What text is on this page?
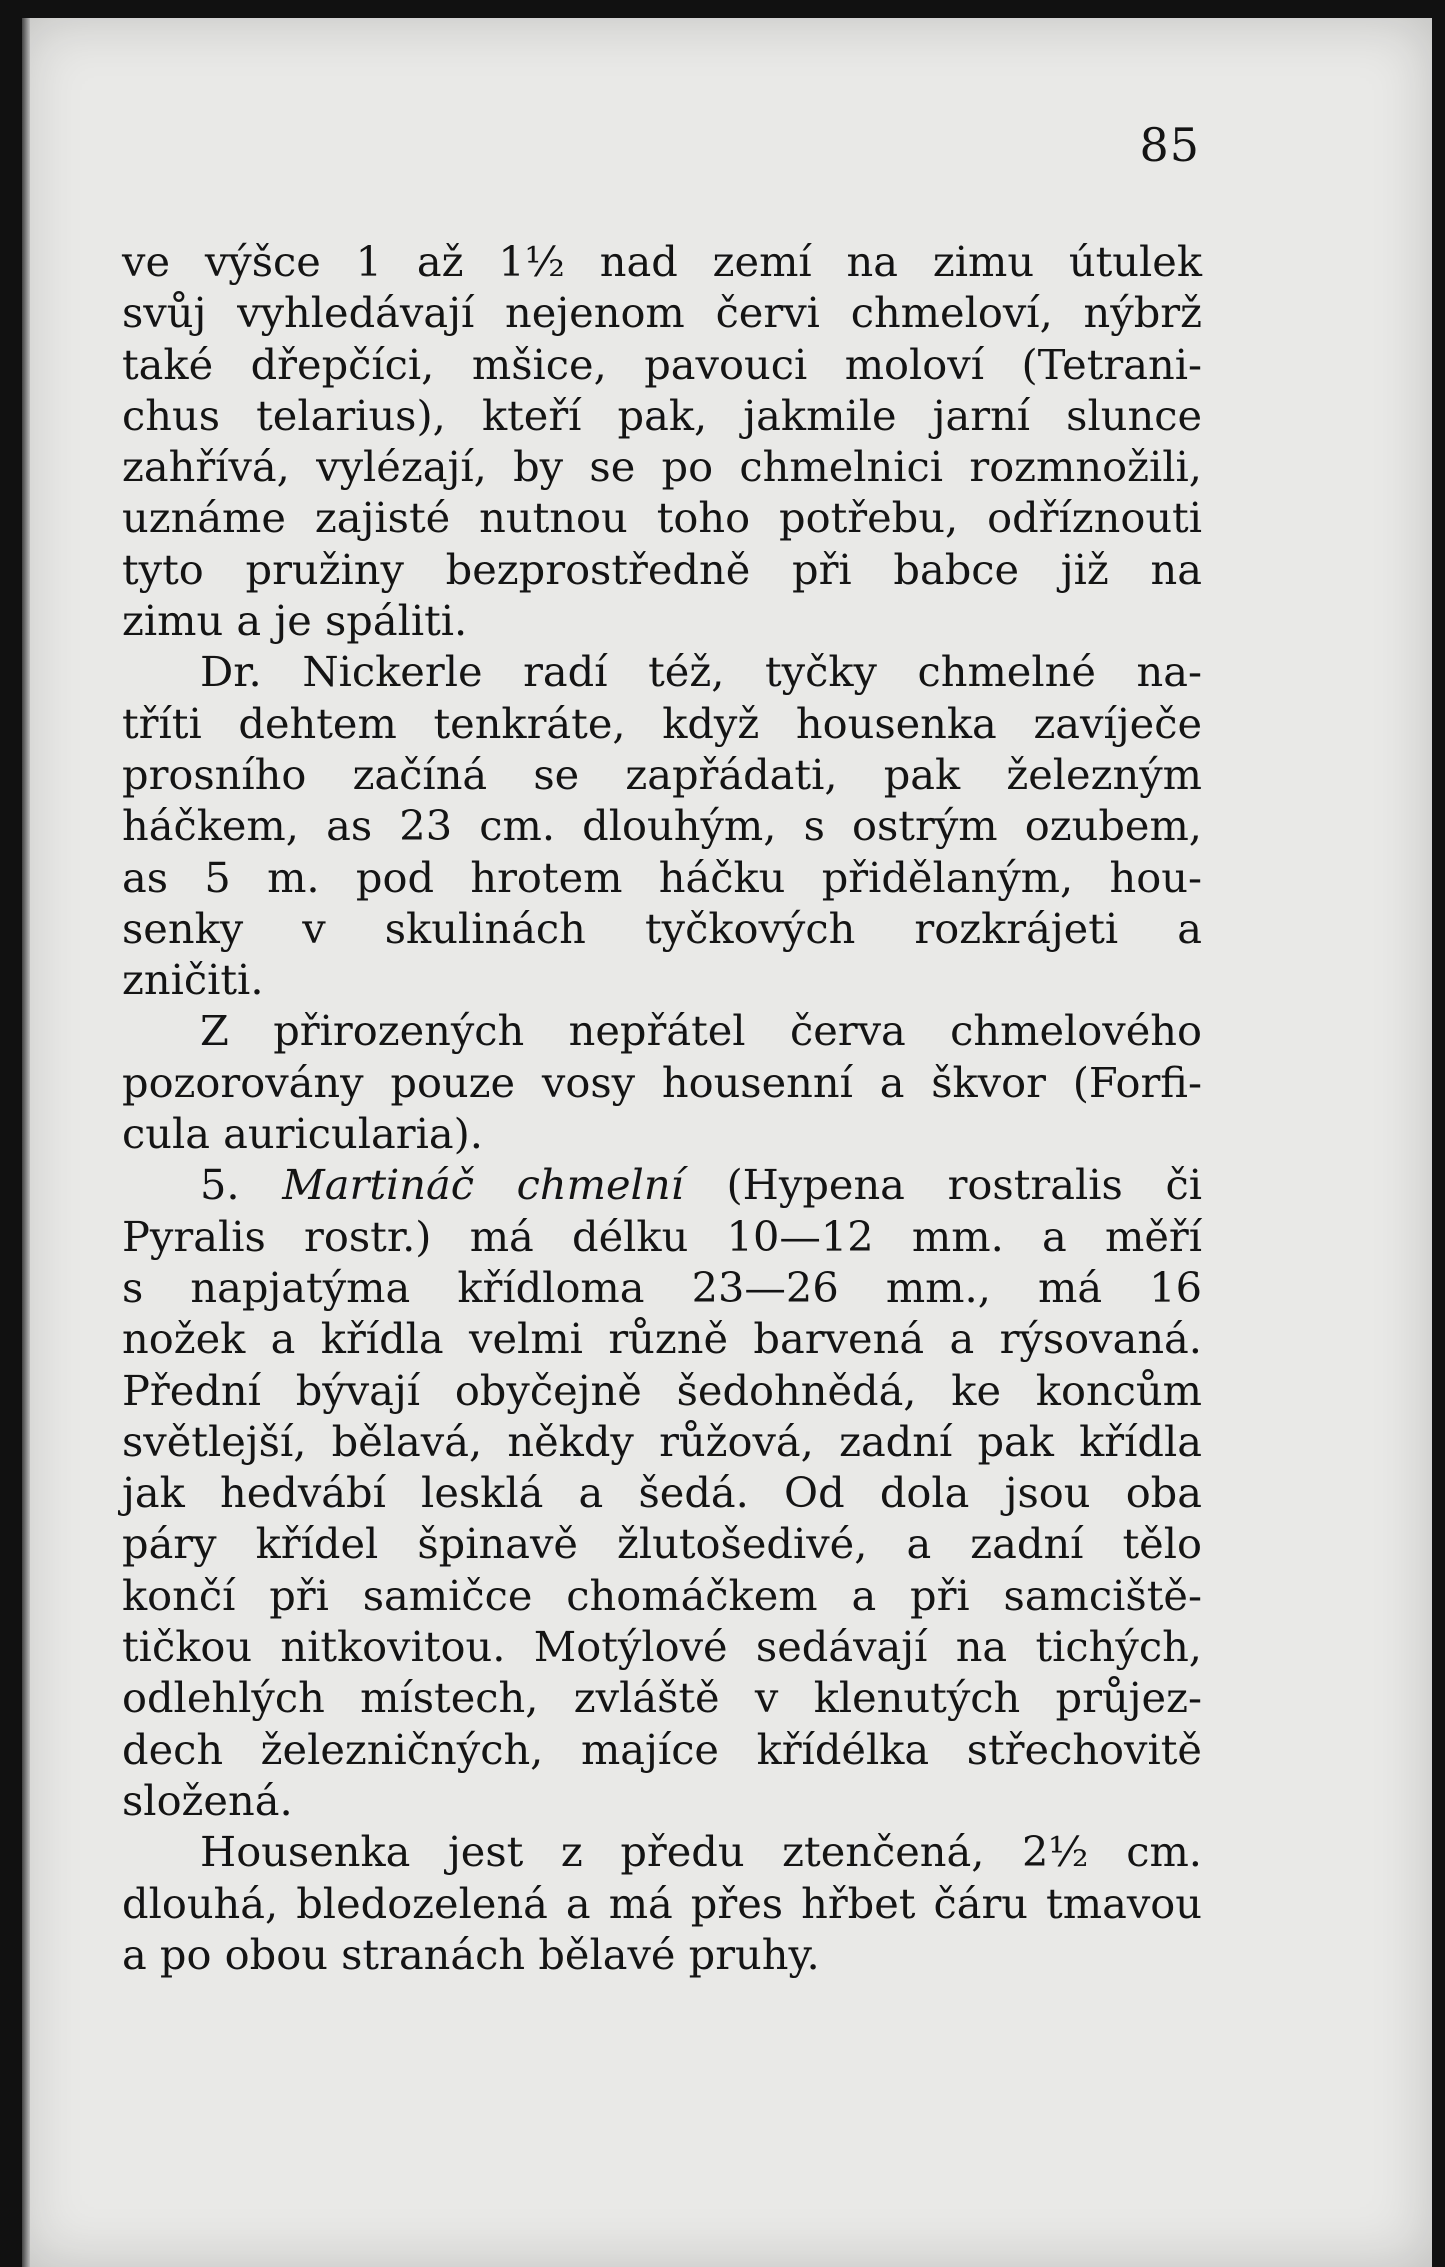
85
ve výšce 1 až 1½ nad zemí na zimu útulek
svůj vyhledávají nejenom červi chmeloví, nýbrž
také dřepčíci, mšice, pavouci moloví (Tetrani-
chus telarius), kteří pak, jakmile jarní slunce
zahřívá, vylézají, by se po chmelnici rozmnožili,
uznáme zajisté nutnou toho potřebu, odříznouti
tyto pružiny bezprostředně při babce již na
zimu a je spáliti.
Dr. Nickerle radí též, tyčky chmelné na-
tříti dehtem tenkráte, když housenka zavíječe
prosního začíná se zapřádati, pak železným
háčkem, as 23 cm. dlouhým, s ostrým ozubem,
as 5 m. pod hrotem háčku přidělaným, hou-
senky v skulinách tyčkových rozkrájeti a
zničiti.
Z přirozených nepřátel červa chmelového
pozorovány pouze vosy housenní a škvor (Forfi-
cula auricularia).
5. Martináč chmelní (Hypena rostralis či
Pyralis rostr.) má délku 10—12 mm. a měří
s napjatýma křídloma 23—26 mm., má 16
nožek a křídla velmi různě barvená a rýsovaná.
Přední bývají obyčejně šedohnědá, ke koncům
světlejší, bělavá, někdy růžová, zadní pak křídla
jak hedvábí lesklá a šedá. Od dola jsou oba
páry křídel špinavě žlutošedivé, a zadní tělo
končí při samičce chomáčkem a při samciště-
tičkou nitkovitou. Motýlové sedávají na tichých,
odlehlých místech, zvláště v klenutých průjez-
dech železničných, majíce křídélka střechovitě
složená.
Housenka jest z předu ztenčená, 2½ cm.
dlouhá, bledozelená a má přes hřbet čáru tmavou
a po obou stranách bělavé pruhy.
